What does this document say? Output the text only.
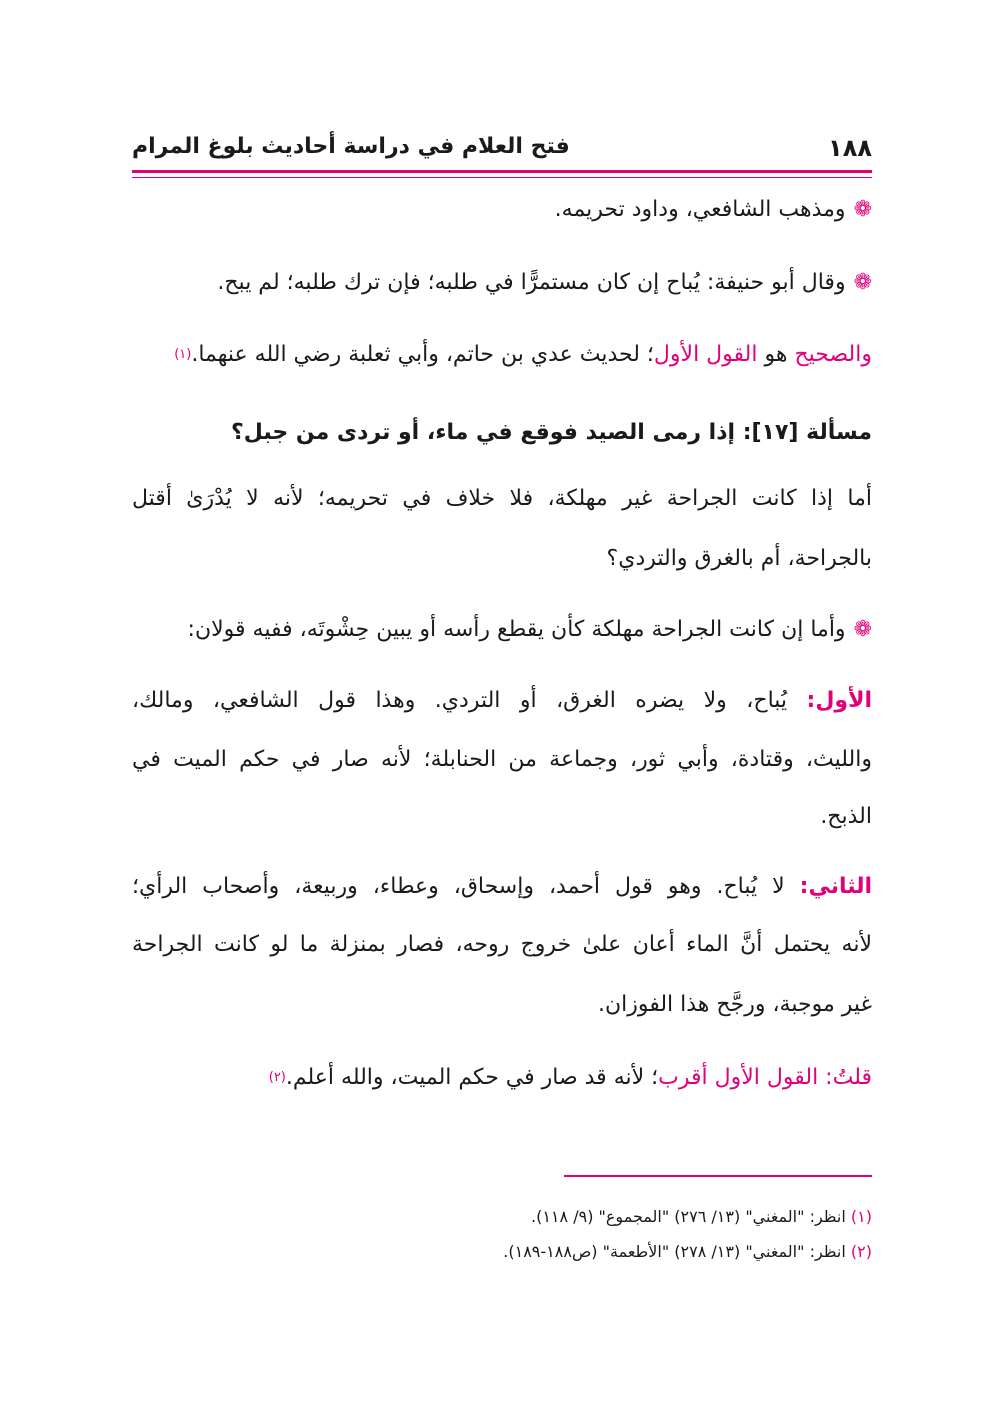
١٨٨
فتح العلام في دراسة أحاديث بلوغ المرام
❁ومذهب الشافعي، وداود تحريمه.
❁وقال أبو حنيفة: يُباح إن كان مستمرًّا في طلبه؛ فإن ترك طلبه؛ لم يبح.
والصحيح هو القول الأول؛ لحديث عدي بن حاتم، وأبي ثعلبة رضي الله عنهما.$^{(١)}$
مسألة [١٧]: إذا رمى الصيد فوقع في ماء، أو تردى من جبل؟
أما إذا كانت الجراحة غير مهلكة، فلا خلاف في تحريمه؛ لأنه لا يُدْرَىٰ أقتل
بالجراحة، أم بالغرق والتردي؟
❁وأما إن كانت الجراحة مهلكة كأن يقطع رأسه أو يبين حِشْوتَه، ففيه قولان:
الأول: يُباح، ولا يضره الغرق، أو التردي. وهذا قول الشافعي، ومالك،
والليث، وقتادة، وأبي ثور، وجماعة من الحنابلة؛ لأنه صار في حكم الميت في
الذبح.
الثاني: لا يُباح. وهو قول أحمد، وإسحاق، وعطاء، وربيعة، وأصحاب الرأي؛
لأنه يحتمل أنَّ الماء أعان علىٰ خروج روحه، فصار بمنزلة ما لو كانت الجراحة
غير موجبة، ورجَّح هذا الفوزان.
قلتُ: القول الأول أقرب؛ لأنه قد صار في حكم الميت، والله أعلم.$^{(٢)}$
(١) انظر: "المغني" (١٣/ ٢٧٦) "المجموع" (٩/ ١١٨).
(٢) انظر: "المغني" (١٣/ ٢٧٨) "الأطعمة" (ص١٨٨-١٨٩).
